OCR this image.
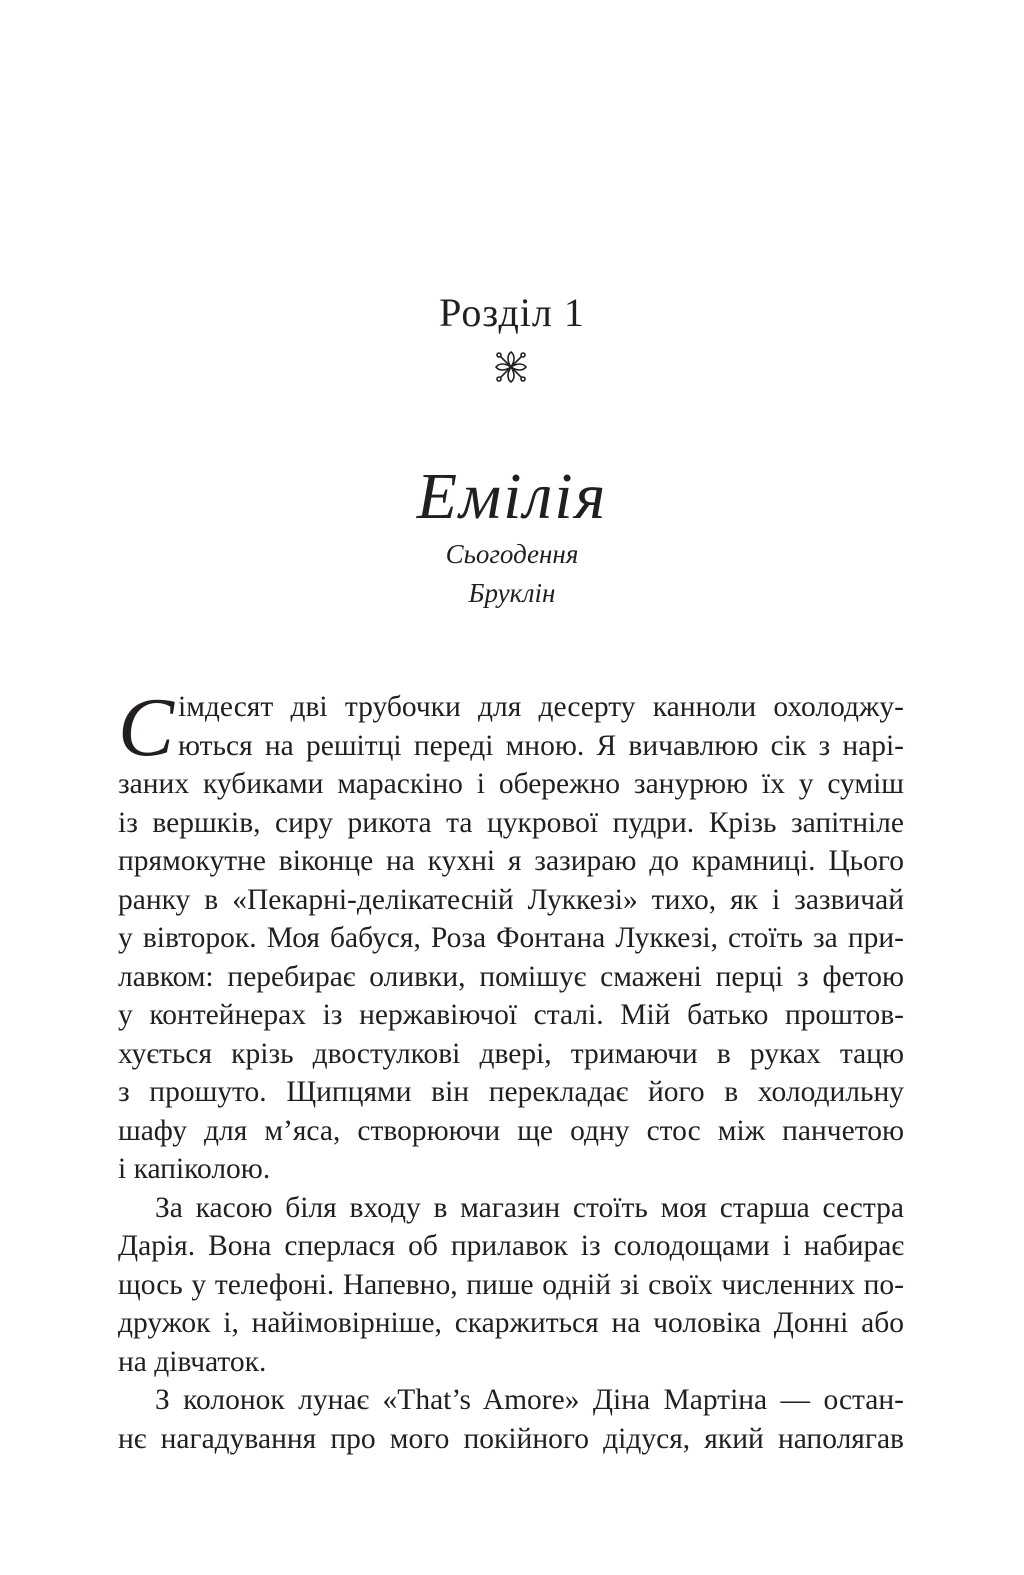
Розділ 1
Емілія
Сьогодення
Бруклін
С імдесят дві трубочки для десерту канноли охолоджу-
ються на решітці переді мною. Я вичавлюю сік з нарі-
заних кубиками мараскіно і обережно занурюю їх у суміш
із вершків, сиру рикота та цукрової пудри. Крізь запітніле
прямокутне віконце на кухні я зазираю до крамниці. Цього
ранку в «Пекарні-делікатесній Луккезі» тихо, як і зазвичай
у вівторок. Моя бабуся, Роза Фонтана Луккезі, стоїть за при-
лавком: перебирає оливки, помішує смажені перці з фетою
у контейнерах із нержавіючої сталі. Мій батько проштов-
хується крізь двостулкові двері, тримаючи в руках тацю
з прошуто. Щипцями він перекладає його в холодильну
шафу для м’яса, створюючи ще одну стос між панчетою
і капіколою.
За касою біля входу в магазин стоїть моя старша сестра
Дарія. Вона сперлася об прилавок із солодощами і набирає
щось у телефоні. Напевно, пише одній зі своїх численних по-
дружок і, найімовірніше, скаржиться на чоловіка Донні або
на дівчаток.
З колонок лунає «That’s Amore» Діна Мартіна — остан-
нє нагадування про мого покійного дідуся, який наполягав
